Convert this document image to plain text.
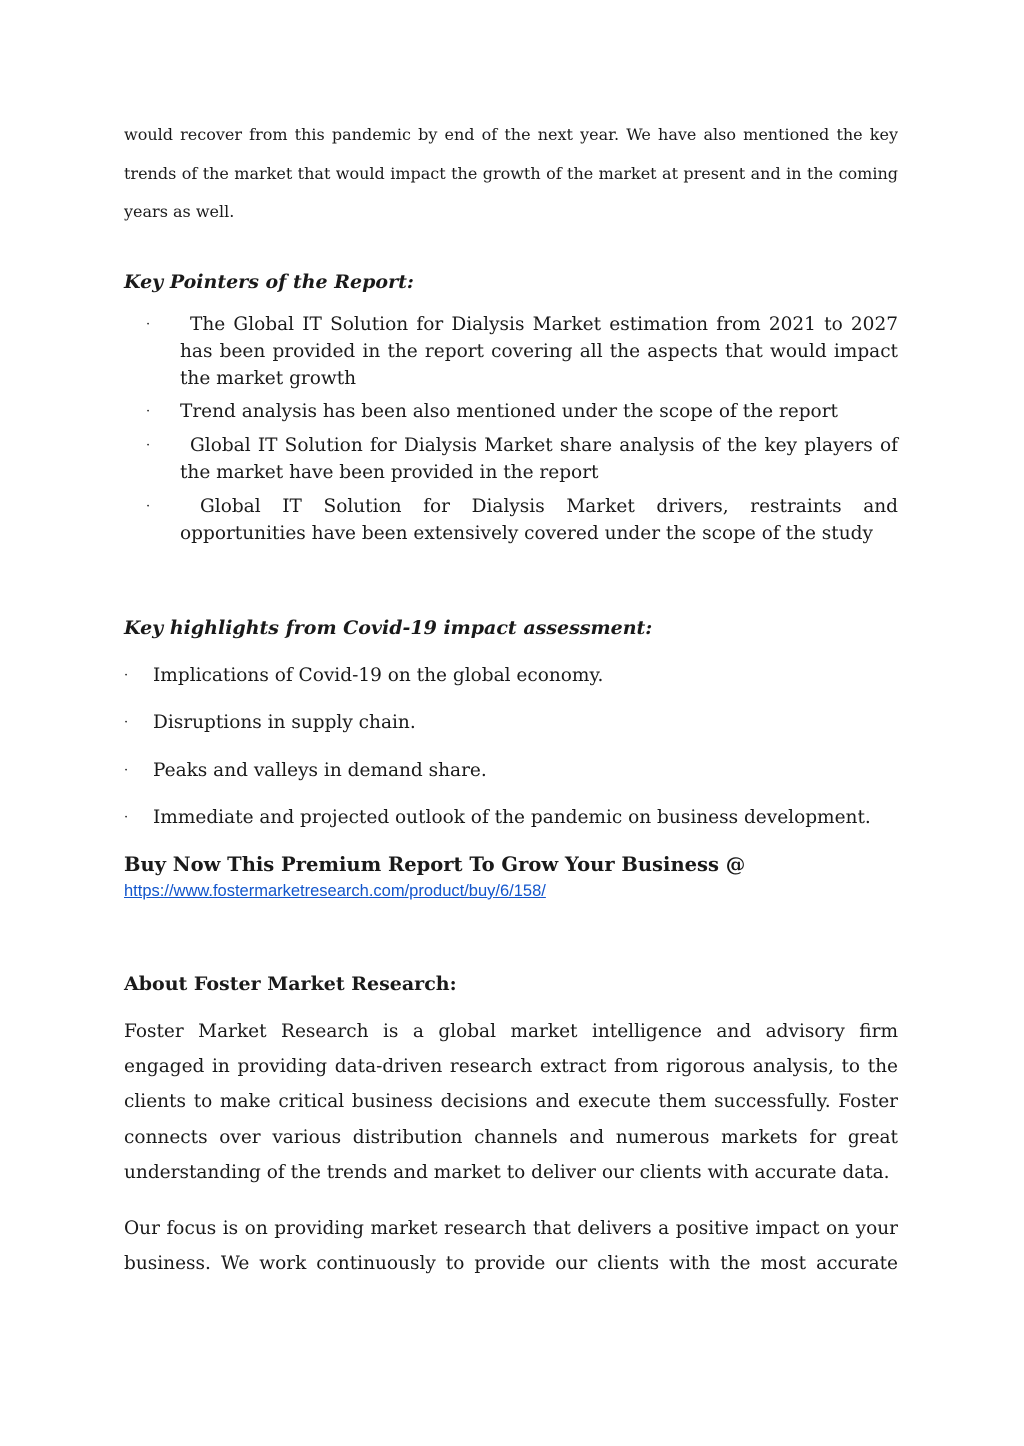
would recover from this pandemic by end of the next year. We have also mentioned the key trends of the market that would impact the growth of the market at present and in the coming years as well.

Key Pointers of the Report:
·	The Global IT Solution for Dialysis Market estimation from 2021 to 2027 has been provided in the report covering all the aspects that would impact the market growth
· Trend analysis has been also mentioned under the scope of the report
·	Global IT Solution for Dialysis Market share analysis of the key players of the market have been provided in the report
·	Global IT Solution for Dialysis Market drivers, restraints and opportunities have been extensively covered under the scope of the study
Key highlights from Covid-19 impact assessment:
· Implications of Covid-19 on the global economy.
· Disruptions in supply chain.
· Peaks and valleys in demand share.
· Immediate and projected outlook of the pandemic on business development.
Buy Now This Premium Report To Grow Your Business @
https://www.fostermarketresearch.com/product/buy/6/158/
About Foster Market Research:

Foster Market Research is a global market intelligence and advisory firm engaged in providing data-driven research extract from rigorous analysis, to the clients to make critical business decisions and execute them successfully. Foster connects over various distribution channels and numerous markets for great understanding of the trends and market to deliver our clients with accurate data.

Our focus is on providing market research that delivers a positive impact on your business. We work continuously to provide our clients with the most accurate
